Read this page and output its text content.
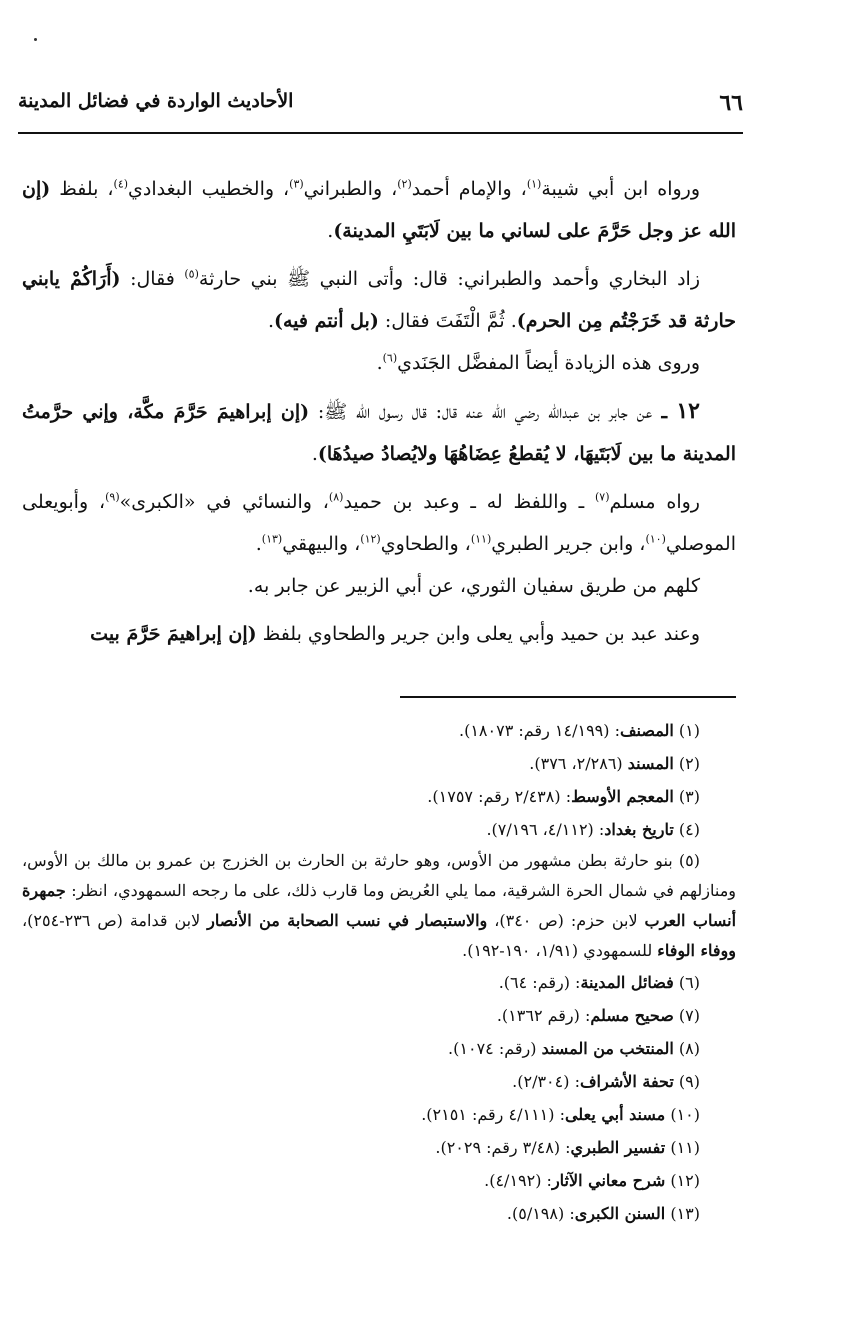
٦٦
الأحاديث الواردة في فضائل المدينة

ورواه ابن أبي شيبة$^{(١)}$، والإمام أحمد$^{(٢)}$، والطبراني$^{(٣)}$، والخطيب البغدادي$^{(٤)}$، بلفظ (إن الله عز وجل حَرَّمَ على لساني ما بين لَابَتَيِ المدينة).

زاد البخاري وأحمد والطبراني: قال: وأتى النبي ﷺ بني حارثة$^{(٥)}$ فقال: (أَرَاكُمْ يابني حارثة قد خَرَجْتُم مِن الحرم). ثُمَّ الْتَفَتَ فقال: (بل أنتم فيه).

وروى هذه الزيادة أيضاً المفضَّل الجَنَدي$^{(٦)}$.

١٢ ـ عن جابر بن عبدالله رضي الله عنه قال: قال رسول الله ﷺ: (إن إبراهيمَ حَرَّمَ مكَّة، وإني حرَّمتُ المدينة ما بين لَابَتَيهَا، لا يُقطعُ عِضَاهُهَا ولايُصادُ صيدُهَا).

رواه مسلم$^{(٧)}$ ـ واللفظ له ـ وعبد بن حميد$^{(٨)}$، والنسائي في «الكبرى»$^{(٩)}$، وأبويعلى الموصلي$^{(١٠)}$، وابن جرير الطبري$^{(١١)}$، والطحاوي$^{(١٢)}$، والبيهقي$^{(١٣)}$.

كلهم من طريق سفيان الثوري، عن أبي الزبير عن جابر به.

وعند عبد بن حميد وأبي يعلى وابن جرير والطحاوي بلفظ (إن إبراهيمَ حَرَّمَ بيت

(١) المصنف: (١٤/١٩٩ رقم: ١٨٠٧٣).

(٢) المسند (٢/٢٨٦، ٣٧٦).

(٣) المعجم الأوسط: (٢/٤٣٨ رقم: ١٧٥٧).

(٤) تاريخ بغداد: (٤/١١٢، ٧/١٩٦).

(٥) بنو حارثة بطن مشهور من الأوس، وهو حارثة بن الحارث بن الخزرج بن عمرو بن مالك بن الأوس، ومنازلهم في شمال الحرة الشرقية، مما يلي العُريض وما قارب ذلك، على ما رجحه السمهودي، انظر: جمهرة أنساب العرب لابن حزم: (ص ٣٤٠)، والاستبصار في نسب الصحابة من الأنصار لابن قدامة (ص ٢٣٦-٢٥٤)، ووفاء الوفاء للسمهودي (١/٩١، ١٩٠-١٩٢).

(٦) فضائل المدينة: (رقم: ٦٤).

(٧) صحيح مسلم: (رقم ١٣٦٢).

(٨) المنتخب من المسند (رقم: ١٠٧٤).

(٩) تحفة الأشراف: (٢/٣٠٤).

(١٠) مسند أبي يعلى: (٤/١١١ رقم: ٢١٥١).

(١١) تفسير الطبري: (٣/٤٨ رقم: ٢٠٢٩).

(١٢) شرح معاني الآثار: (٤/١٩٢).

(١٣) السنن الكبرى: (٥/١٩٨).
